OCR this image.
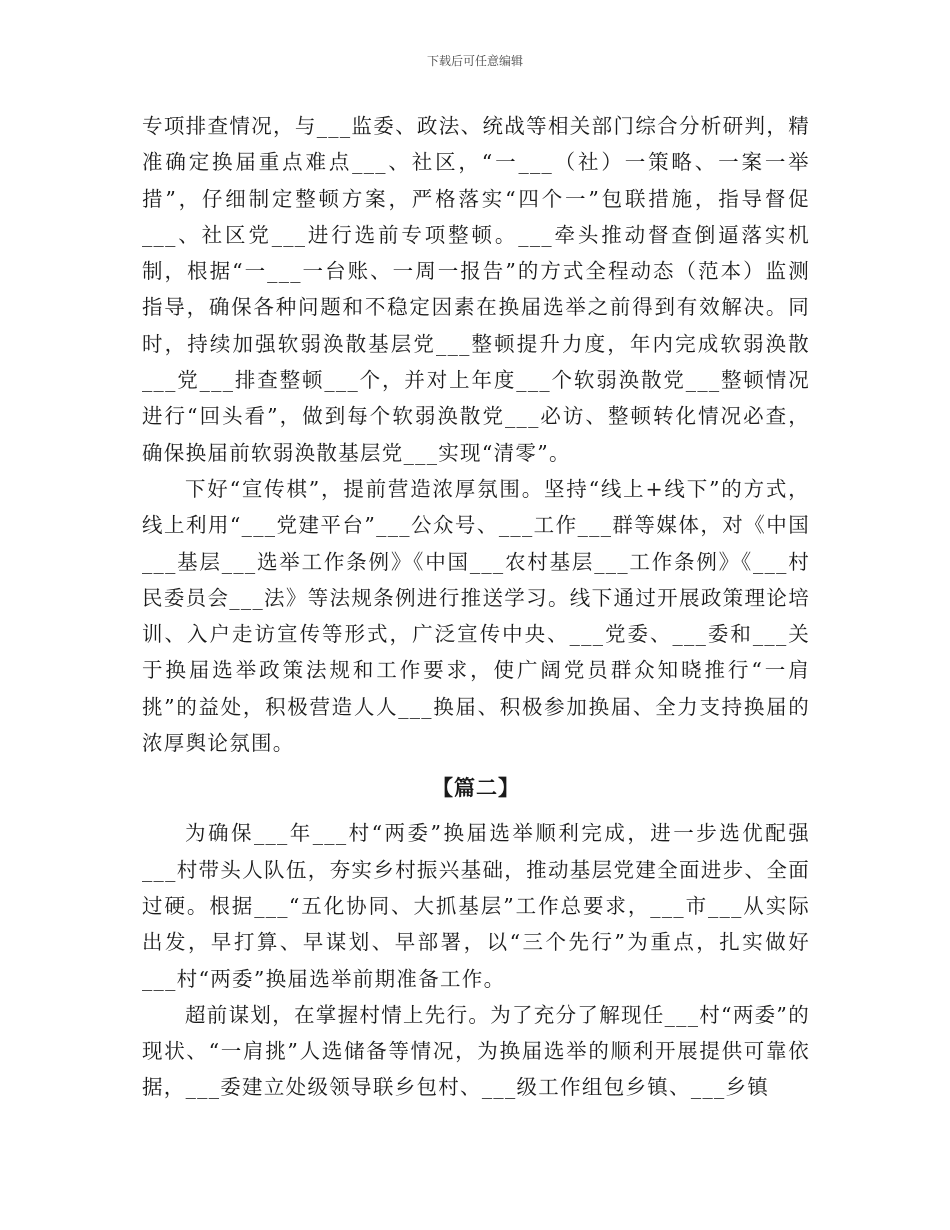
下载后可任意编辑

专项排查情况，与___监委、政法、统战等相关部门综合分析研判，精准确定换届重点难点___、社区，“一___（社）一策略、一案一举措”，仔细制定整顿方案，严格落实“四个一”包联措施，指导督促___、社区党___进行选前专项整顿。___牵头推动督查倒逼落实机制，根据“一___一台账、一周一报告”的方式全程动态（范本）监测指导，确保各种问题和不稳定因素在换届选举之前得到有效解决。同时，持续加强软弱涣散基层党___整顿提升力度，年内完成软弱涣散___党___排查整顿___个，并对上年度___个软弱涣散党___整顿情况进行“回头看”，做到每个软弱涣散党___必访、整顿转化情况必查，确保换届前软弱涣散基层党___实现“清零”。

下好“宣传棋”，提前营造浓厚氛围。坚持“线上+线下”的方式，线上利用“___党建平台”___公众号、___工作___群等媒体，对《中国___基层___选举工作条例》《中国___农村基层___工作条例》《___村民委员会___法》等法规条例进行推送学习。线下通过开展政策理论培训、入户走访宣传等形式，广泛宣传中央、___党委、___委和___关于换届选举政策法规和工作要求，使广阔党员群众知晓推行“一肩挑”的益处，积极营造人人___换届、积极参加换届、全力支持换届的浓厚舆论氛围。

【篇二】

为确保___年___村“两委”换届选举顺利完成，进一步选优配强___村带头人队伍，夯实乡村振兴基础，推动基层党建全面进步、全面过硬。根据___“五化协同、大抓基层”工作总要求，___市___从实际出发，早打算、早谋划、早部署，以“三个先行”为重点，扎实做好___村“两委”换届选举前期准备工作。

超前谋划，在掌握村情上先行。为了充分了解现任___村“两委”的现状、“一肩挑”人选储备等情况，为换届选举的顺利开展提供可靠依据，___委建立处级领导联乡包村、___级工作组包乡镇、___乡镇
